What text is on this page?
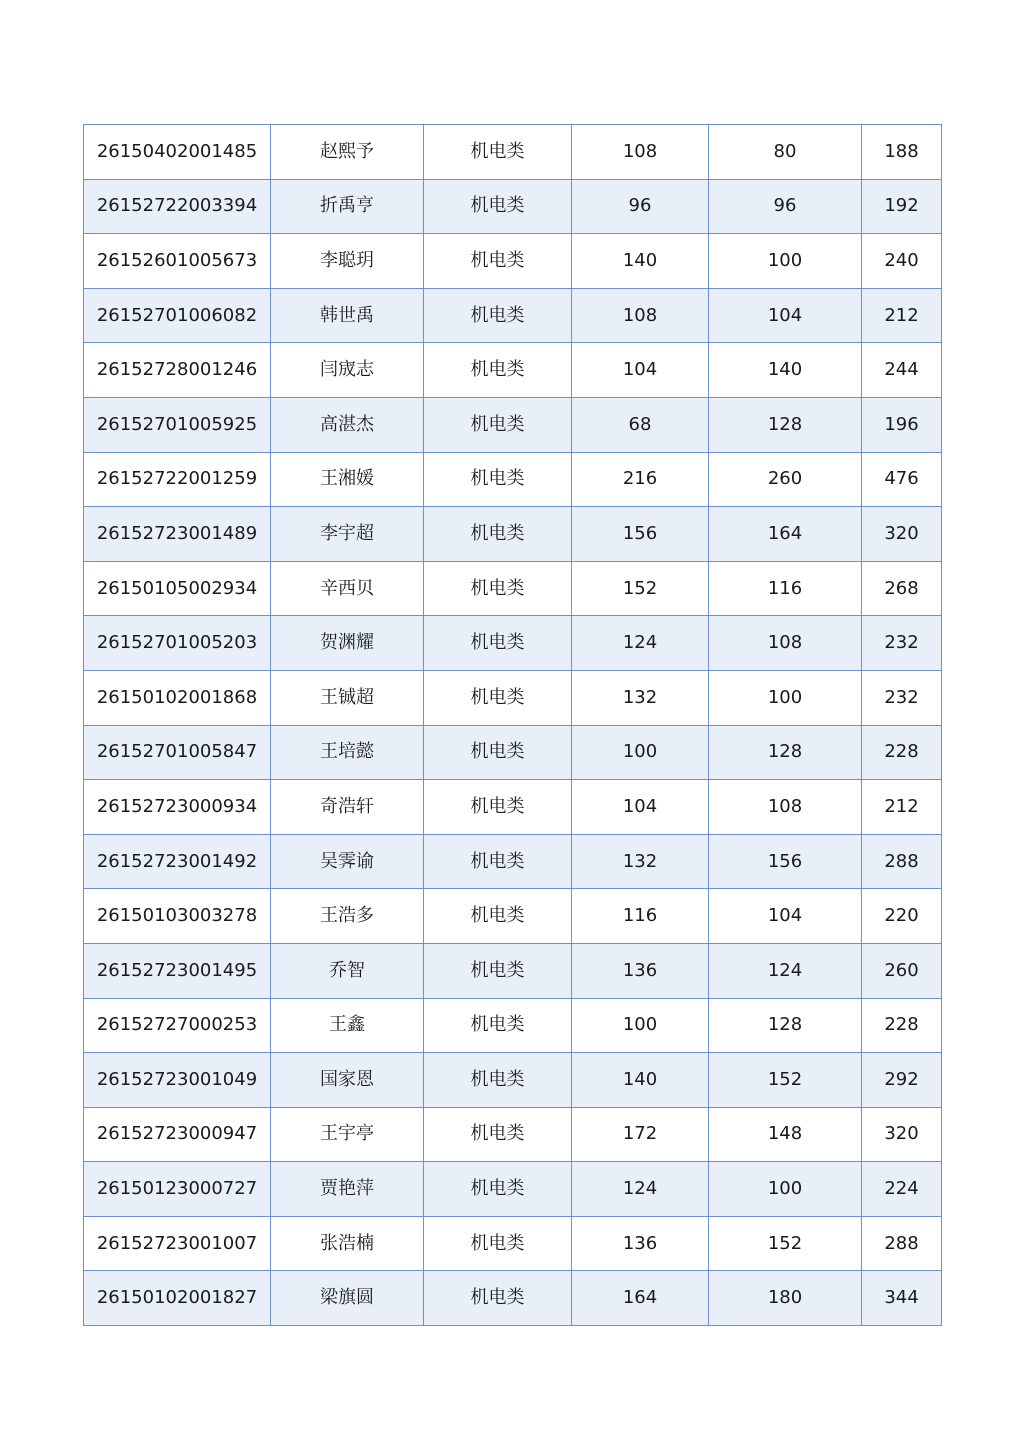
26150402001485	赵熙予	机电类	108	80	188
26152722003394	折禹亨	机电类	96	96	192
26152601005673	李聪玥	机电类	140	100	240
26152701006082	韩世禹	机电类	108	104	212
26152728001246	闫宬志	机电类	104	140	244
26152701005925	高湛杰	机电类	68	128	196
26152722001259	王湘媛	机电类	216	260	476
26152723001489	李宇超	机电类	156	164	320
26150105002934	辛西贝	机电类	152	116	268
26152701005203	贺渊耀	机电类	124	108	232
26150102001868	王铖超	机电类	132	100	232
26152701005847	王培懿	机电类	100	128	228
26152723000934	奇浩轩	机电类	104	108	212
26152723001492	吴霁谕	机电类	132	156	288
26150103003278	王浩多	机电类	116	104	220
26152723001495	乔智	机电类	136	124	260
26152727000253	王鑫	机电类	100	128	228
26152723001049	国家恩	机电类	140	152	292
26152723000947	王宇亭	机电类	172	148	320
26150123000727	贾艳萍	机电类	124	100	224
26152723001007	张浩楠	机电类	136	152	288
26150102001827	梁旗圆	机电类	164	180	344
